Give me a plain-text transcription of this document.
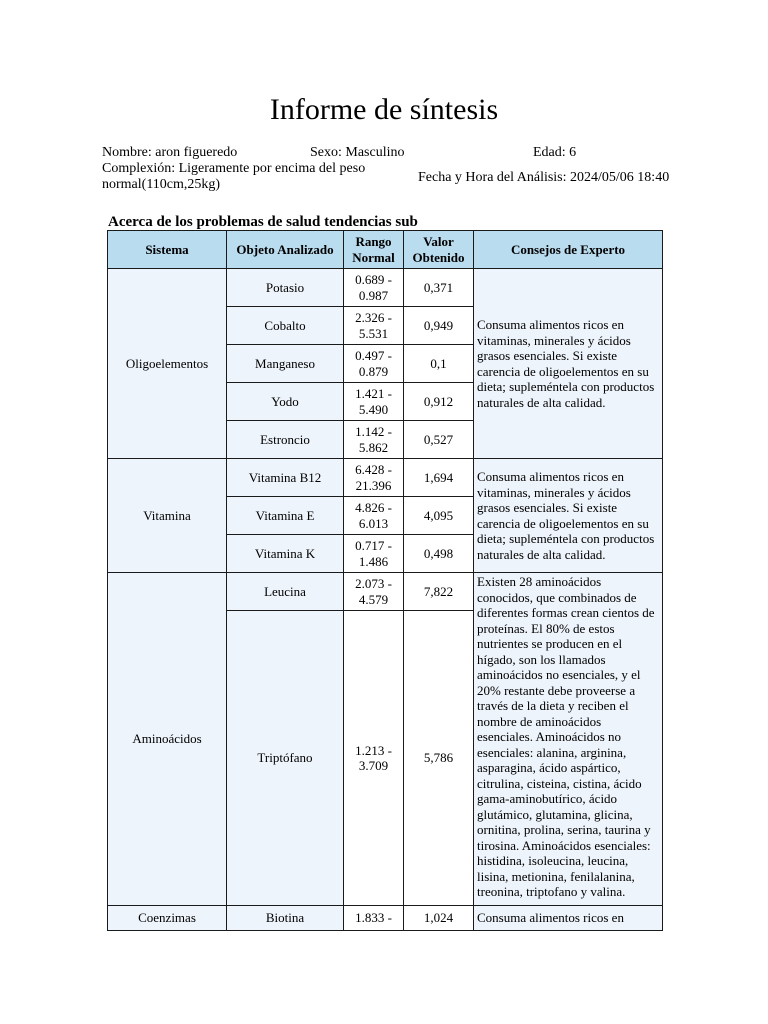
Informe de síntesis
Nombre: aron figueredo	Sexo: Masculino	Edad: 6
Complexión: Ligeramente por encima del peso normal(110cm,25kg)	Fecha y Hora del Análisis: 2024/05/06 18:40
Acerca de los problemas de salud tendencias sub
Sistema	Objeto Analizado	Rango Normal	Valor Obtenido	Consejos de Experto
Oligoelementos	Potasio	0.689 - 0.987	0,371	Consuma alimentos ricos en vitaminas, minerales y ácidos grasos esenciales. Si existe carencia de oligoelementos en su dieta; supleméntela con productos naturales de alta calidad.
	Cobalto	2.326 - 5.531	0,949	
	Manganeso	0.497 - 0.879	0,1	
	Yodo	1.421 - 5.490	0,912	
	Estroncio	1.142 - 5.862	0,527	
Vitamina	Vitamina B12	6.428 - 21.396	1,694	Consuma alimentos ricos en vitaminas, minerales y ácidos grasos esenciales. Si existe carencia de oligoelementos en su dieta; supleméntela con productos naturales de alta calidad.
	Vitamina E	4.826 - 6.013	4,095	
	Vitamina K	0.717 - 1.486	0,498	
Aminoácidos	Leucina	2.073 - 4.579	7,822	Existen 28 aminoácidos conocidos, que combinados de diferentes formas crean cientos de proteínas. El 80% de estos nutrientes se producen en el hígado, son los llamados aminoácidos no esenciales, y el 20% restante debe proveerse a través de la dieta y reciben el nombre de aminoácidos esenciales. Aminoácidos no esenciales: alanina, arginina, asparagina, ácido aspártico, citrulina, cisteina, cistina, ácido gama-aminobutírico, ácido glutámico, glutamina, glicina, ornitina, prolina, serina, taurina y tirosina. Aminoácidos esenciales: histidina, isoleucina, leucina, lisina, metionina, fenilalanina, treonina, triptofano y valina.
	Triptófano	1.213 - 3.709	5,786	
Coenzimas	Biotina	1.833 -	1,024	Consuma alimentos ricos en
